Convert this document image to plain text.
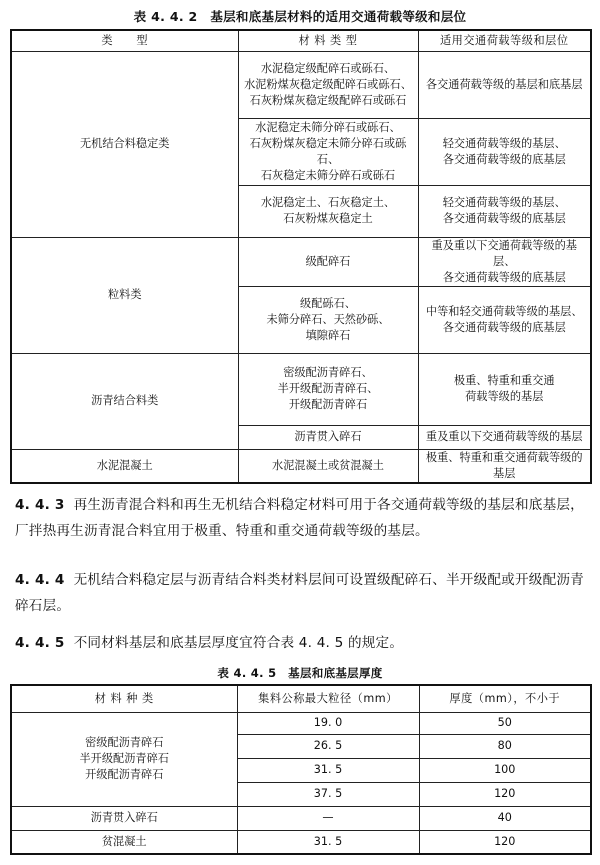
表 4. 4. 2　基层和底基层材料的适用交通荷载等级和层位
类　　型	材 料 类 型	适用交通荷载等级和层位
无机结合料稳定类	水泥稳定级配碎石或砾石、
水泥粉煤灰稳定级配碎石或砾石、
石灰粉煤灰稳定级配碎石或砾石	各交通荷载等级的基层和底基层

	水泥稳定未筛分碎石或砾石、
石灰粉煤灰稳定未筛分碎石或砾石、
石灰稳定未筛分碎石或砾石	轻交通荷载等级的基层、
各交通荷载等级的底基层

	水泥稳定土、石灰稳定土、
石灰粉煤灰稳定土	轻交通荷载等级的基层、
各交通荷载等级的底基层

粒料类	级配碎石	重及重以下交通荷载等级的基层、
各交通荷载等级的底基层

	级配砾石、
未筛分碎石、天然砂砾、
填隙碎石	中等和轻交通荷载等级的基层、
各交通荷载等级的底基层

沥青结合料类	密级配沥青碎石、
半开级配沥青碎石、
开级配沥青碎石	极重、特重和重交通
荷载等级的基层

	沥青贯入碎石	重及重以下交通荷载等级的基层

水泥混凝土	水泥混凝土或贫混凝土	极重、特重和重交通荷载等级的基层
4. 4. 3 再生沥青混合料和再生无机结合料稳定材料可用于各交通荷载等级的基层和底基层，厂拌热再生沥青混合料宜用于极重、特重和重交通荷载等级的基层。
4. 4. 4 无机结合料稳定层与沥青结合料类材料层间可设置级配碎石、半开级配或开级配沥青碎石层。
4. 4. 5 不同材料基层和底基层厚度宜符合表 4. 4. 5 的规定。
表 4. 4. 5　基层和底基层厚度
材 料 种 类	集料公称最大粒径（mm）	厚度（mm），不小于

密级配沥青碎石
半开级配沥青碎石
开级配沥青碎石	19. 0	50
	26. 5	80
	31. 5	100
	37. 5	120
沥青贯入碎石	—	40
贫混凝土	31. 5	120
